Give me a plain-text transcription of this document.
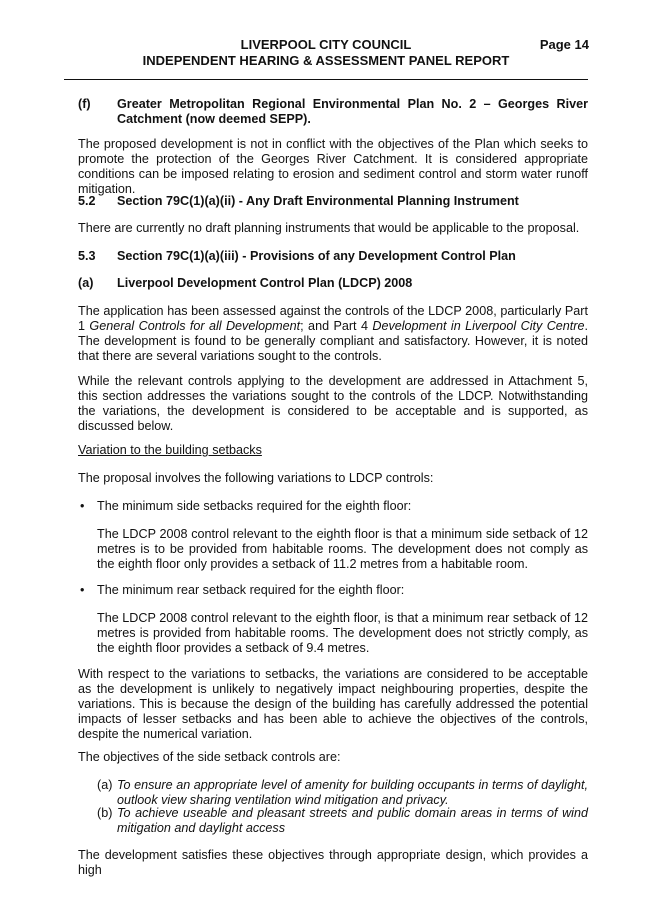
LIVERPOOL CITY COUNCIL	Page 14
INDEPENDENT HEARING & ASSESSMENT PANEL REPORT
(f) Greater Metropolitan Regional Environmental Plan No. 2 – Georges River Catchment (now deemed SEPP).
The proposed development is not in conflict with the objectives of the Plan which seeks to promote the protection of the Georges River Catchment. It is considered appropriate conditions can be imposed relating to erosion and sediment control and storm water runoff mitigation.
5.2 Section 79C(1)(a)(ii) - Any Draft Environmental Planning Instrument
There are currently no draft planning instruments that would be applicable to the proposal.
5.3 Section 79C(1)(a)(iii) - Provisions of any Development Control Plan
(a) Liverpool Development Control Plan (LDCP) 2008
The application has been assessed against the controls of the LDCP 2008, particularly Part 1 General Controls for all Development; and Part 4 Development in Liverpool City Centre. The development is found to be generally compliant and satisfactory. However, it is noted that there are several variations sought to the controls.
While the relevant controls applying to the development are addressed in Attachment 5, this section addresses the variations sought to the controls of the LDCP. Notwithstanding the variations, the development is considered to be acceptable and is supported, as discussed below.
Variation to the building setbacks
The proposal involves the following variations to LDCP controls:
• The minimum side setbacks required for the eighth floor:
The LDCP 2008 control relevant to the eighth floor is that a minimum side setback of 12 metres is to be provided from habitable rooms. The development does not comply as the eighth floor only provides a setback of 11.2 metres from a habitable room.
• The minimum rear setback required for the eighth floor:
The LDCP 2008 control relevant to the eighth floor, is that a minimum rear setback of 12 metres is provided from habitable rooms. The development does not strictly comply, as the eighth floor provides a setback of 9.4 metres.
With respect to the variations to setbacks, the variations are considered to be acceptable as the development is unlikely to negatively impact neighbouring properties, despite the variations. This is because the design of the building has carefully addressed the potential impacts of lesser setbacks and has been able to achieve the objectives of the controls, despite the numerical variation.
The objectives of the side setback controls are:
(a) To ensure an appropriate level of amenity for building occupants in terms of daylight, outlook view sharing ventilation wind mitigation and privacy.
(b) To achieve useable and pleasant streets and public domain areas in terms of wind mitigation and daylight access
The development satisfies these objectives through appropriate design, which provides a high
